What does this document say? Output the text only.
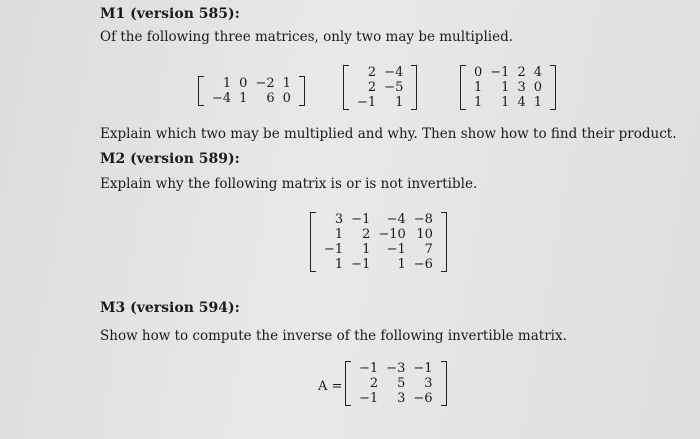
M1 (version 585):
Of the following three matrices, only two may be multiplied.
1	0	−2	1
−4	1	6	0
2	−4
2	−5
−1	1
0	−1	2	4
1	1	3	0
1	1	4	1
Explain which two may be multiplied and why. Then show how to find their product.
M2 (version 589):
Explain why the following matrix is or is not invertible.
3	−1	−4	−8
1	2	−10	10
−1	1	−1	7
1	−1	1	−6
M3 (version 594):
Show how to compute the inverse of the following invertible matrix.
A =
−1	−3	−1
2	5	3
−1	3	−6
